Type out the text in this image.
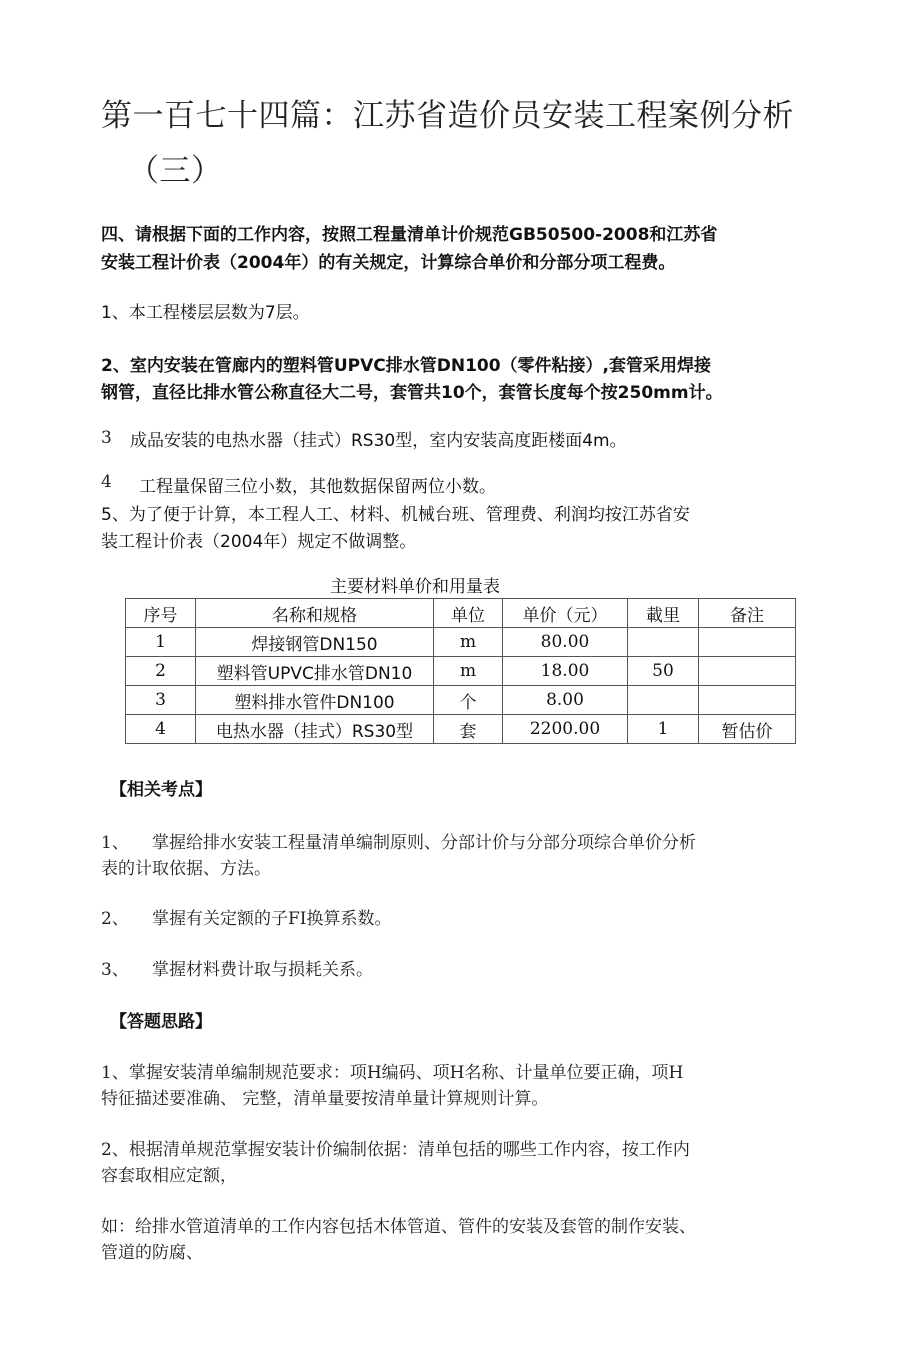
第一百七十四篇：江苏省造价员安装工程案例分析
（三）
四、请根据下面的工作内容，按照工程量清单计价规范GB50500-2008和江苏省
安装工程计价表（2004年）的有关规定，计算综合单价和分部分项工程费。
1、本工程楼层层数为7层。
2、室内安装在管廊内的塑料管UPVC排水管DN100（零件粘接）,套管采用焊接
钢管，直径比排水管公称直径大二号，套管共10个，套管长度每个按250mm计。
3 成品安装的电热水器（挂式）RS30型，室内安装高度距楼面4m。
4 工程量保留三位小数，其他数据保留两位小数。
5、为了便于计算，本工程人工、材料、机械台班、管理费、利润均按江苏省安
装工程计价表（2004年）规定不做调整。
主要材料单价和用量表
序号	名称和规格	单位	单价（元）	載里	备注
1	焊接钢管DN150	m	80.00		
2	塑料管UPVC排水管DN10	m	18.00	50	
3	塑料排水管件DN100	个	8.00		
4	电热水器（挂式）RS30型	套	2200.00	1	暂估价
【相关考点】
1、 掌握给排水安装工程量清单编制原则、分部计价与分部分项综合单价分析
表的计取依据、方法。
2、 掌握有关定额的子FI换算系数。
3、 掌握材料费计取与损耗关系。
【答题思路】
1、掌握安装清单编制规范要求：项H编码、项H名称、计量单位要正确，项H
特征描述要准确、 完整，清单量要按清单量计算规则计算。
2、根据清单规范掌握安装计价编制依据：清单包括的哪些工作内容，按工作内
容套取相应定额，
如：给排水管道清单的工作内容包括木体管道、管件的安装及套管的制作安装、
管道的防腐、
